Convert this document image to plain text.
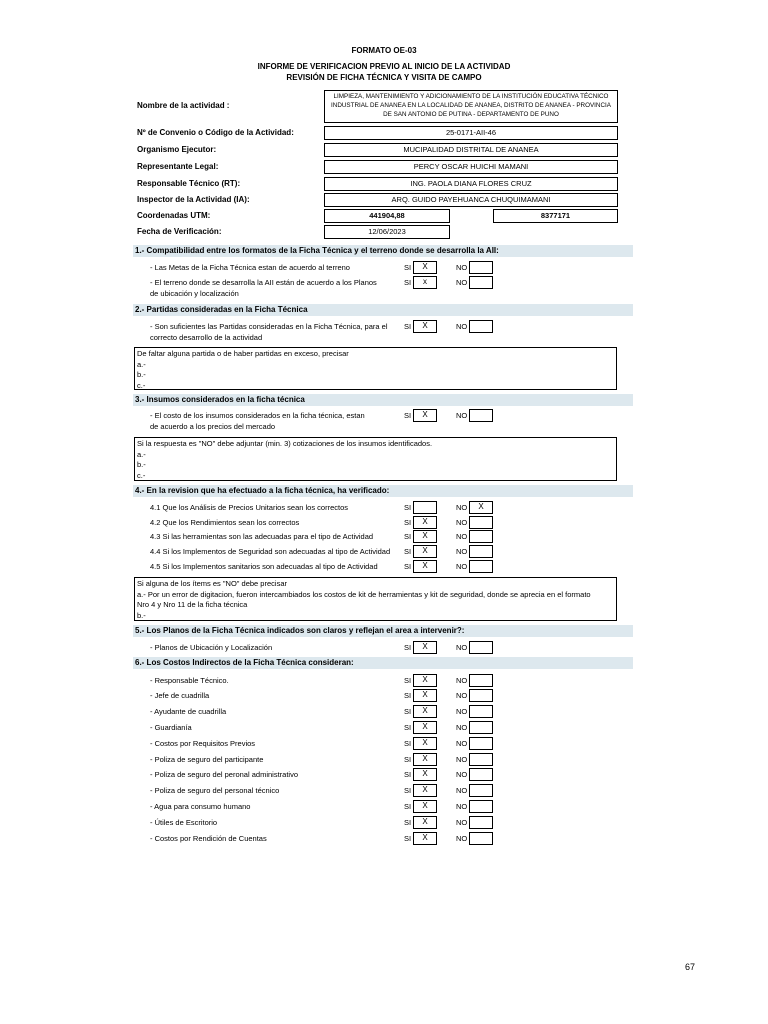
FORMATO OE-03
INFORME DE VERIFICACION PREVIO AL INICIO DE LA ACTIVIDAD
REVISIÓN DE FICHA TÉCNICA Y VISITA DE CAMPO
Nombre de la actividad :
LIMPIEZA, MANTENIMIENTO Y ADICIONAMIENTO DE LA INSTITUCIÓN EDUCATIVA TÉCNICO INDUSTRIAL DE ANANEA EN LA LOCALIDAD DE ANANEA, DISTRITO DE ANANEA - PROVINCIA DE SAN ANTONIO DE PUTINA - DEPARTAMENTO DE PUNO
Nº de Convenio o Código de la Actividad:	25-0171-AII-46
Organismo Ejecutor:	MUCIPALIDAD DISTRITAL DE ANANEA
Representante Legal:	PERCY OSCAR HUICHI MAMANI
Responsable Técnico (RT):	ING. PAOLA DIANA FLORES CRUZ
Inspector de la Actividad (IA):	ARQ. GUIDO PAYEHUANCA CHUQUIMAMANI
Coordenadas UTM:	441904,88	8377171
Fecha de Verificación:	12/06/2023
1.- Compatibilidad entre los formatos de la Ficha Técnica y el terreno donde se desarrolla la AII:
- Las Metas de la Ficha Técnica estan de acuerdo al terreno	SI	X	NO
- El terreno donde se desarrolla la AII están de acuerdo a los Planos
de ubicación y localización
SI	x	NO
2.- Partidas consideradas en la Ficha Técnica
- Son suficientes las Partidas consideradas en la Ficha Técnica, para el
correcto desarrollo de la actividad
SI	X	NO
De faltar alguna partida o de haber partidas en exceso, precisar
a.-
b.-
c.-
3.- Insumos considerados en la ficha técnica
- El costo de los insumos considerados en la ficha técnica, estan
de acuerdo a los precios del mercado
SI	X	NO
Si la respuesta es "NO" debe adjuntar (min. 3) cotizaciones de los insumos identificados.
a.-
b.-
c.-
4.- En la revision que ha efectuado a la ficha técnica, ha verificado:
4.1 Que los Análisis de Precios Unitarios sean los correctos	SI	NO	X
4.2 Que los Rendimientos sean los correctos	SI	X	NO
4.3 Si las herramientas son las adecuadas para el tipo de Actividad	SI	X	NO
4.4 Si los Implementos de Seguridad son adecuadas al tipo de Actividad SI	X	NO
4.5 Si los Implementos sanitarios son adecuadas al tipo de Actividad	SI	X	NO
Si alguna de los ítems es "NO" debe precisar
a.- Por un error de digitacion, fueron intercambiados los costos de kit de herramientas y kit de seguridad, donde se aprecia en el formato
Nro 4 y Nro 11 de la ficha técnica
b.-
5.- Los Planos de la Ficha Técnica indicados son claros y reflejan el area a intervenir?:
- Planos de Ubicación y Localización	SI	X	NO
6.- Los Costos Indirectos de la Ficha Técnica consideran:
- Responsable Técnico.	SI	X	NO
- Jefe de cuadrilla	SI	X	NO
- Ayudante de cuadrilla	SI	X	NO
- Guardianía	SI	X	NO
- Costos por Requisitos Previos	SI	X	NO
- Poliza de seguro del participante	SI	X	NO
- Poliza de seguro del peronal administrativo	SI	X	NO
- Poliza de seguro del personal técnico	SI	X	NO
- Agua para consumo humano	SI	X	NO
- Útiles de Escritorio	SI	X	NO
- Costos por Rendición de Cuentas	SI	X	NO
67
